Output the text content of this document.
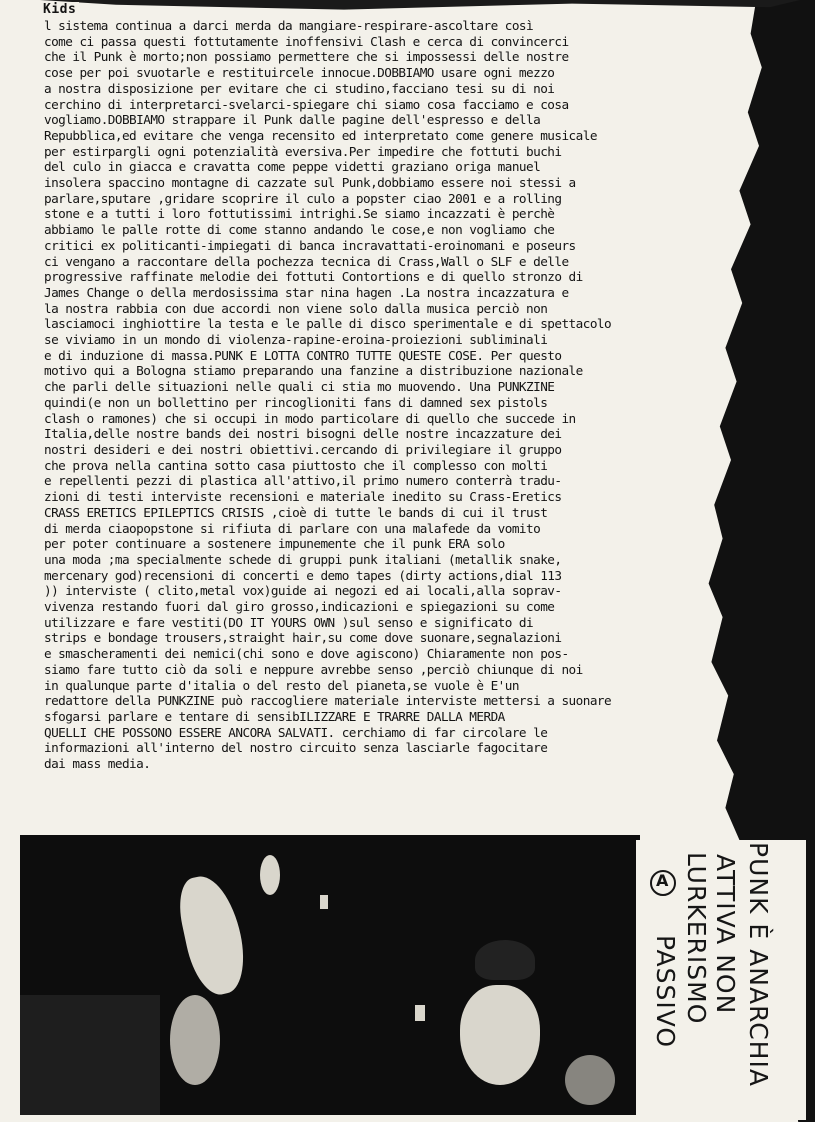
Kids
l sistema continua a darci merda da mangiare-respirare-ascoltare così
come ci passa questi fottutamente inoffensivi Clash e cerca di convincerci
che il Punk è morto;non possiamo permettere che si impossessi delle nostre
cose per poi svuotarle e restituircele innocue.DOBBIAMO usare ogni mezzo
a nostra disposizione per evitare che ci studino,facciano tesi su di noi
cerchino di interpretarci-svelarci-spiegare chi siamo cosa facciamo e cosa
vogliamo.DOBBIAMO strappare il Punk dalle pagine dell'espresso e della
Repubblica,ed evitare che venga recensito ed interpretato come genere musicale
per estirpargli ogni potenzialità eversiva.Per impedire che fottuti buchi
del culo in giacca e cravatta come peppe videtti graziano origa manuel
insolera spaccino montagne di cazzate sul Punk,dobbiamo essere noi stessi a
parlare,sputare ,gridare scoprire il culo a popster ciao 2001 e a rolling
stone e a tutti i loro fottutissimi intrighi.Se siamo incazzati è perchè
abbiamo le palle rotte di come stanno andando le cose,e non vogliamo che
critici ex politicanti-impiegati di banca incravattati-eroinomani e poseurs
ci vengano a raccontare della pochezza tecnica di Crass,Wall o SLF e delle
progressive raffinate melodie dei fottuti Contortions e di quello stronzo di
James Change o della merdosissima star nina hagen .La nostra incazzatura e
la nostra rabbia con due accordi non viene solo dalla musica perciò non
lasciamoci inghiottire la testa e le palle di disco sperimentale e di spettacolo
se viviamo in un mondo di violenza-rapine-eroina-proiezioni subliminali
e di induzione di massa.PUNK E LOTTA CONTRO TUTTE QUESTE COSE. Per questo
motivo qui a Bologna stiamo preparando una fanzine a distribuzione nazionale
che parli delle situazioni nelle quali ci stia mo muovendo. Una PUNKZINE
quindi(e non un bollettino per rincoglioniti fans di damned sex pistols
clash o ramones) che si occupi in modo particolare di quello che succede in
Italia,delle nostre bands dei nostri bisogni delle nostre incazzature dei
nostri desideri e dei nostri obiettivi.cercando di privilegiare il gruppo
che prova nella cantina sotto casa piuttosto che il complesso con molti
e repellenti pezzi di plastica all'attivo,il primo numero conterrà tradu-
zioni di testi interviste recensioni e materiale inedito su Crass-Eretics
CRASS ERETICS EPILEPTICS CRISIS ,cioè di tutte le bands di cui il trust
di merda ciaopopstone si rifiuta di parlare con una malafede da vomito
per poter continuare a sostenere impunemente che il punk ERA solo
una moda ;ma specialmente schede di gruppi punk italiani (metallik snake,
mercenary god)recensioni di concerti e demo tapes (dirty actions,dial 113
)) interviste ( clito,metal vox)guide ai negozi ed ai locali,alla soprav-
vivenza restando fuori dal giro grosso,indicazioni e spiegazioni su come
utilizzare e fare vestiti(DO IT YOURS OWN )sul senso e significato di
strips e bondage trousers,straight hair,su come dove suonare,segnalazioni
e smascheramenti dei nemici(chi sono e dove agiscono) Chiaramente non pos-
siamo fare tutto ciò da soli e neppure avrebbe senso ,perciò chiunque di noi
in qualunque parte d'italia o del resto del pianeta,se vuole è E'un
redattore della PUNKZINE può raccogliere materiale interviste mettersi a suonare
sfogarsi parlare e tentare di sensibILIZZARE E TRARRE DALLA MERDA
QUELLI CHE POSSONO ESSERE ANCORA SALVATI. cerchiamo di far circolare le
informazioni all'interno del nostro circuito senza lasciarle fagocitare
dai mass media.
PUNK È ANARCHIA
ATTIVA NON
LURKERISMO
PASSIVO
A
